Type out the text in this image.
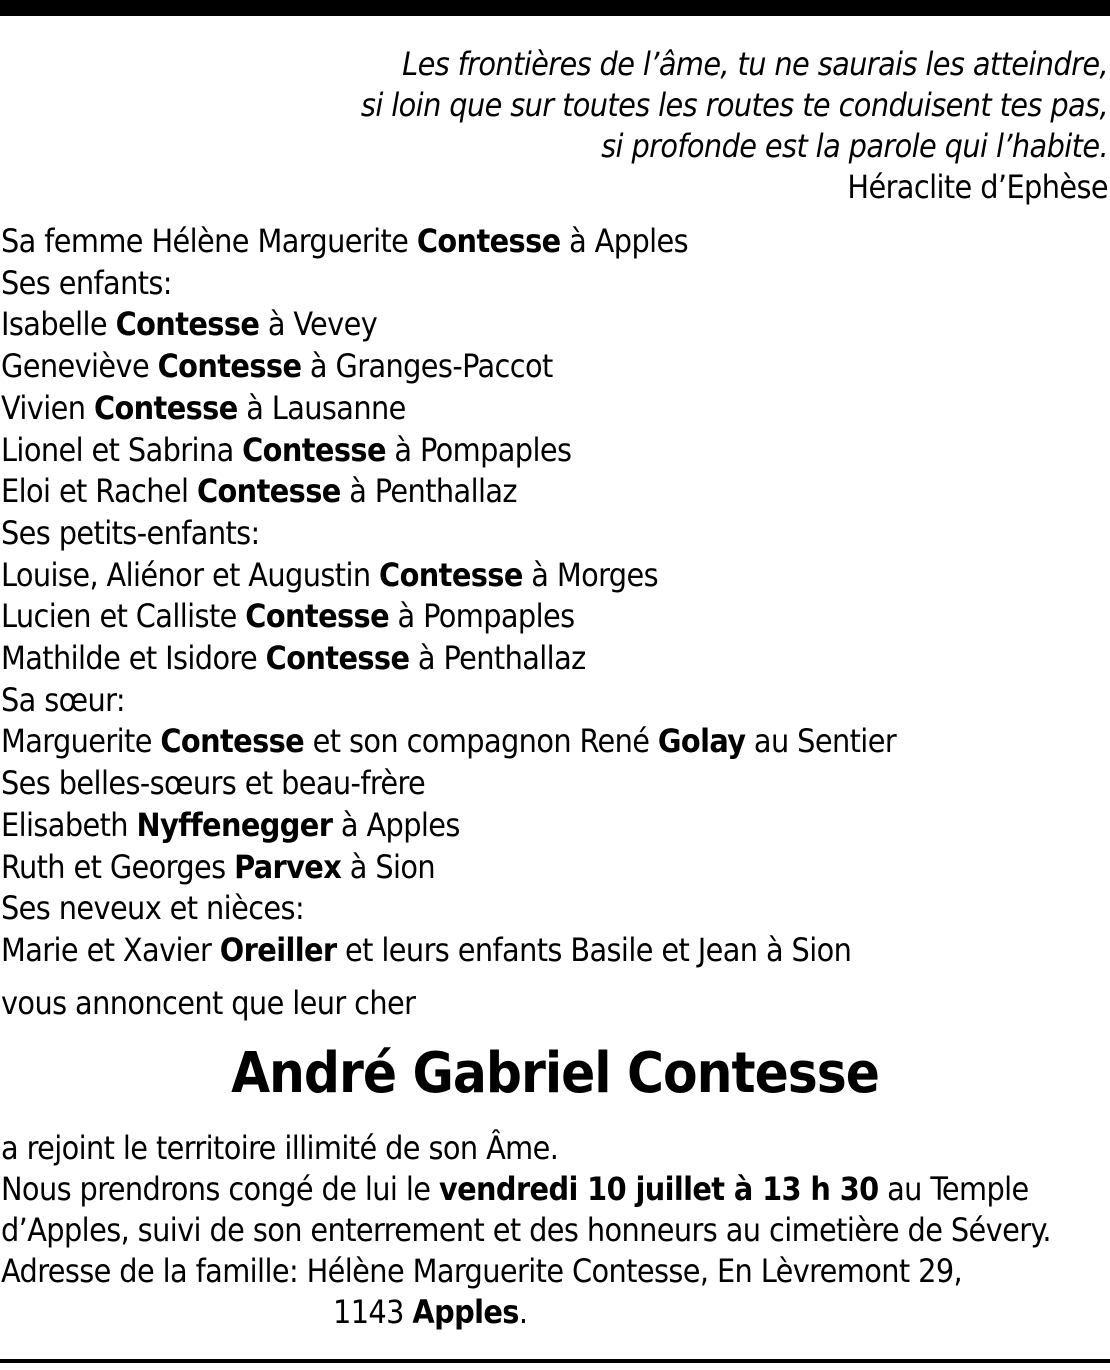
Les frontières de l’âme, tu ne saurais les atteindre,
si loin que sur toutes les routes te conduisent tes pas,
si profonde est la parole qui l’habite.
Héraclite d’Ephèse
Sa femme Hélène Marguerite Contesse à Apples
Ses enfants:
Isabelle Contesse à Vevey
Geneviève Contesse à Granges-Paccot
Vivien Contesse à Lausanne
Lionel et Sabrina Contesse à Pompaples
Eloi et Rachel Contesse à Penthallaz
Ses petits-enfants:
Louise, Aliénor et Augustin Contesse à Morges
Lucien et Calliste Contesse à Pompaples
Mathilde et Isidore Contesse à Penthallaz
Sa sœur:
Marguerite Contesse et son compagnon René Golay au Sentier
Ses belles-sœurs et beau-frère
Elisabeth Nyffenegger à Apples
Ruth et Georges Parvex à Sion
Ses neveux et nièces:
Marie et Xavier Oreiller et leurs enfants Basile et Jean à Sion
vous annoncent que leur cher
André Gabriel Contesse
a rejoint le territoire illimité de son Âme.
Nous prendrons congé de lui le vendredi 10 juillet à 13 h 30 au Temple
d’Apples, suivi de son enterrement et des honneurs au cimetière de Sévery.
Adresse de la famille: Hélène Marguerite Contesse, En Lèvremont 29,
1143 Apples.
